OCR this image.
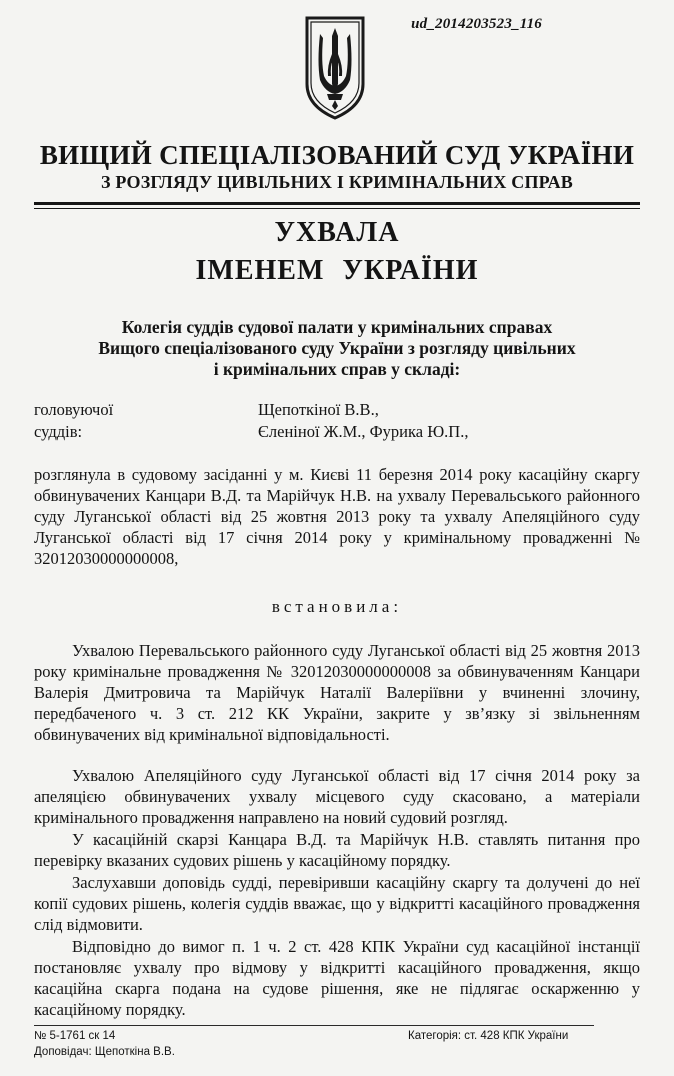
ud_2014203523_116
ВИЩИЙ СПЕЦІАЛІЗОВАНИЙ СУД УКРАЇНИ
З РОЗГЛЯДУ ЦИВІЛЬНИХ І КРИМІНАЛЬНИХ СПРАВ
УХВАЛА
ІМЕНЕМ УКРАЇНИ
Колегія суддів судової палати у кримінальних справах
Вищого спеціалізованого суду України з розгляду цивільних
і кримінальних справ у складі:
головуючої	Щепоткіної В.В.,
суддів:	Єленіної Ж.М., Фурика Ю.П.,
розглянула в судовому засіданні у м. Києві 11 березня 2014 року касаційну скаргу обвинувачених Канцари В.Д. та Марійчук Н.В. на ухвалу Перевальського районного суду Луганської області від 25 жовтня 2013 року та ухвалу Апеляційного суду Луганської області від 17 січня 2014 року у кримінальному провадженні № 32012030000000008,
встановила:
Ухвалою Перевальського районного суду Луганської області від 25 жовтня 2013 року кримінальне провадження № 32012030000000008 за обвинуваченням Канцари Валерія Дмитровича та Марійчук Наталії Валеріївни у вчиненні злочину, передбаченого ч. 3 ст. 212 КК України, закрите у зв’язку зі звільненням обвинувачених від кримінальної відповідальності.
Ухвалою Апеляційного суду Луганської області від 17 січня 2014 року за апеляцією обвинувачених ухвалу місцевого суду скасовано, а матеріали кримінального провадження направлено на новий судовий розгляд.
У касаційній скарзі Канцара В.Д. та Марійчук Н.В. ставлять питання про перевірку вказаних судових рішень у касаційному порядку.
Заслухавши доповідь судді, перевіривши касаційну скаргу та долучені до неї копії судових рішень, колегія суддів вважає, що у відкритті касаційного провадження слід відмовити.
Відповідно до вимог п. 1 ч. 2 ст. 428 КПК України суд касаційної інстанції постановляє ухвалу про відмову у відкритті касаційного провадження, якщо касаційна скарга подана на судове рішення, яке не підлягає оскарженню у касаційному порядку.
№ 5-1761 ск 14	Категорія: ст. 428 КПК України
Доповідач: Щепоткіна В.В.
